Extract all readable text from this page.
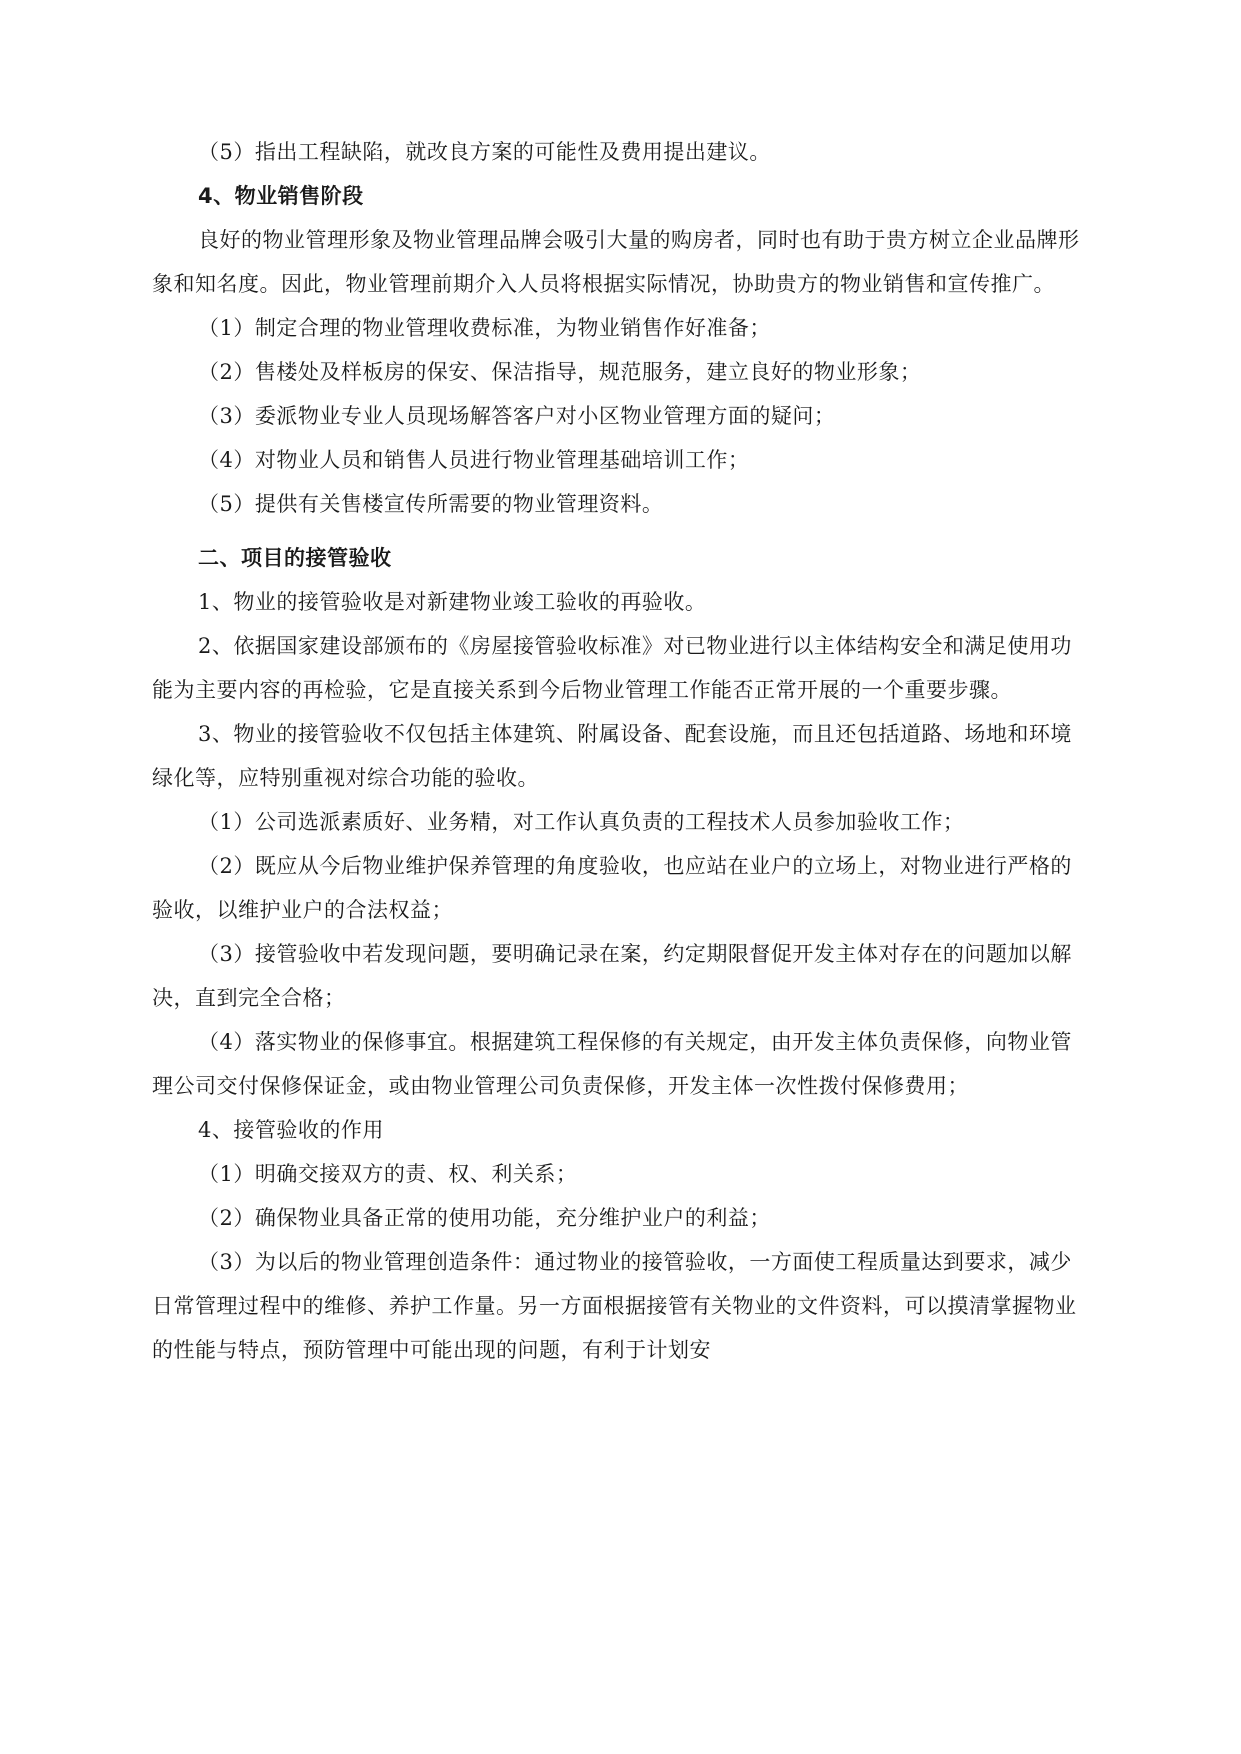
（5）指出工程缺陷，就改良方案的可能性及费用提出建议。

4、物业销售阶段

良好的物业管理形象及物业管理品牌会吸引大量的购房者，同时也有助于贵方树立企业品牌形象和知名度。因此，物业管理前期介入人员将根据实际情况，协助贵方的物业销售和宣传推广。

（1）制定合理的物业管理收费标准，为物业销售作好准备；

（2）售楼处及样板房的保安、保洁指导，规范服务，建立良好的物业形象；

（3）委派物业专业人员现场解答客户对小区物业管理方面的疑问；

（4）对物业人员和销售人员进行物业管理基础培训工作；

（5）提供有关售楼宣传所需要的物业管理资料。

二、项目的接管验收

1、物业的接管验收是对新建物业竣工验收的再验收。

2、依据国家建设部颁布的《房屋接管验收标准》对已物业进行以主体结构安全和满足使用功能为主要内容的再检验，它是直接关系到今后物业管理工作能否正常开展的一个重要步骤。

3、物业的接管验收不仅包括主体建筑、附属设备、配套设施，而且还包括道路、场地和环境绿化等，应特别重视对综合功能的验收。

（1）公司选派素质好、业务精，对工作认真负责的工程技术人员参加验收工作；

（2）既应从今后物业维护保养管理的角度验收，也应站在业户的立场上，对物业进行严格的验收，以维护业户的合法权益；

（3）接管验收中若发现问题，要明确记录在案，约定期限督促开发主体对存在的问题加以解决，直到完全合格；

（4）落实物业的保修事宜。根据建筑工程保修的有关规定，由开发主体负责保修，向物业管理公司交付保修保证金，或由物业管理公司负责保修，开发主体一次性拨付保修费用；

4、接管验收的作用

（1）明确交接双方的责、权、利关系；

（2）确保物业具备正常的使用功能，充分维护业户的利益；

（3）为以后的物业管理创造条件：通过物业的接管验收，一方面使工程质量达到要求，减少日常管理过程中的维修、养护工作量。另一方面根据接管有关物业的文件资料，可以摸清掌握物业的性能与特点，预防管理中可能出现的问题，有利于计划安
